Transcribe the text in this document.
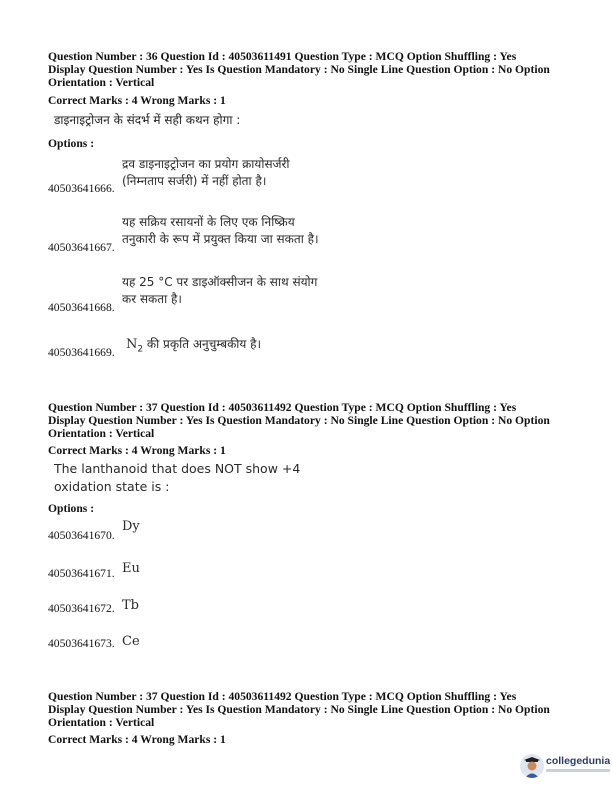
Question Number : 36 Question Id : 40503611491 Question Type : MCQ Option Shuffling : Yes

Display Question Number : Yes Is Question Mandatory : No Single Line Question Option : No Option

Orientation : Vertical

Correct Marks : 4 Wrong Marks : 1

डाइनाइट्रोजन के संदर्भ में सही कथन होगा :
Options :

द्रव डाइनाइट्रोजन का प्रयोग क्रायोसर्जरी

(निम्नताप सर्जरी) में नहीं होता है।

40503641666.

यह सक्रिय रसायनों के लिए एक निष्क्रिय

तनुकारी के रूप में प्रयुक्त किया जा सकता है।

40503641667.

यह 25 °C पर डाइऑक्सीजन के साथ संयोग

कर सकता है।

40503641668.

$N_2$ की प्रकृति अनुचुम्बकीय है।

40503641669.

Question Number : 37 Question Id : 40503611492 Question Type : MCQ Option Shuffling : Yes

Display Question Number : Yes Is Question Mandatory : No Single Line Question Option : No Option

Orientation : Vertical

Correct Marks : 4 Wrong Marks : 1

The lanthanoid that does NOT show +4
oxidation state is :
Options :
Dy
40503641670.
Eu
40503641671.
Tb
40503641672.
Ce
40503641673.

Question Number : 37 Question Id : 40503611492 Question Type : MCQ Option Shuffling : Yes

Display Question Number : Yes Is Question Mandatory : No Single Line Question Option : No Option

Orientation : Vertical

Correct Marks : 4 Wrong Marks : 1

collegedunia
